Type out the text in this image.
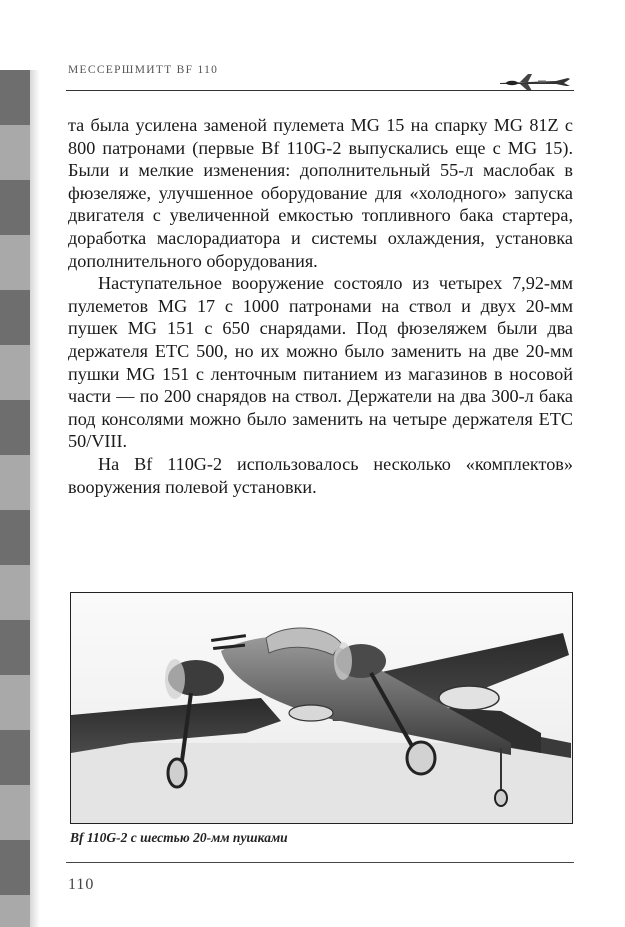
МЕССЕРШМИТТ BF 110

та была усилена заменой пулемета MG 15 на спарку MG 81Z с 800 патронами (первые Bf 110G-2 выпускались еще с MG 15). Были и мелкие изменения: дополнительный 55-л маслобак в фюзеляже, улучшенное оборудование для «холодного» запуска двигателя с увеличенной емкостью топливного бака стартера, доработка маслорадиатора и системы охлаждения, установка дополнительного оборудования.

Наступательное вооружение состояло из четырех 7,92-мм пулеметов MG 17 с 1000 патронами на ствол и двух 20-мм пушек MG 151 с 650 снарядами. Под фюзеляжем были два держателя ETC 500, но их можно было заменить на две 20-мм пушки MG 151 с ленточным питанием из магазинов в носовой части — по 200 снарядов на ствол. Держатели на два 300-л бака под консолями можно было заменить на четыре держателя ETC 50/VIII.

На Bf 110G-2 использовалось несколько «комплектов» вооружения полевой установки.

Bf 110G-2 с шестью 20-мм пушками
110
